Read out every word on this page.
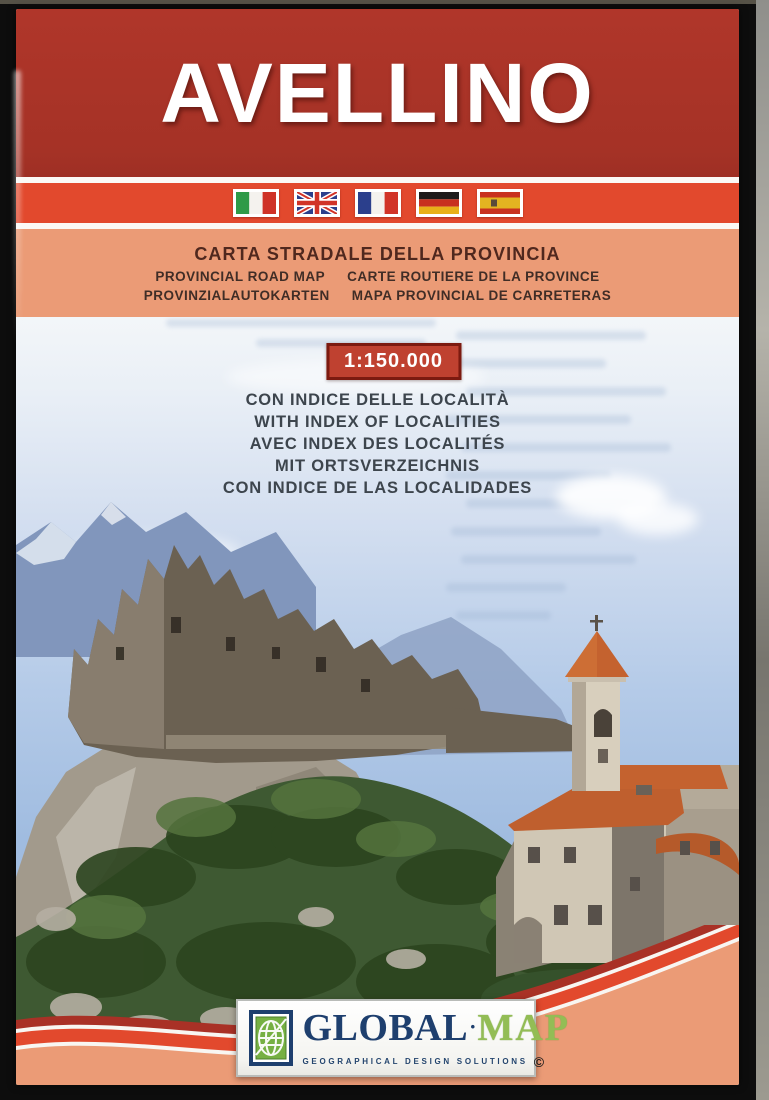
AVELLINO
CARTA STRADALE DELLA PROVINCIA
PROVINCIAL ROAD MAP CARTE ROUTIERE DE LA PROVINCE
PROVINZIALAUTOKARTEN MAPA PROVINCIAL DE CARRETERAS
1:150.000
CON INDICE DELLE LOCALITÀ
WITH INDEX OF LOCALITIES
AVEC INDEX DES LOCALITÉS
MIT ORTSVERZEICHNIS
CON INDICE DE LAS LOCALIDADES
GLOBAL·MAP
GEOGRAPHICAL DESIGN SOLUTIONS ©
